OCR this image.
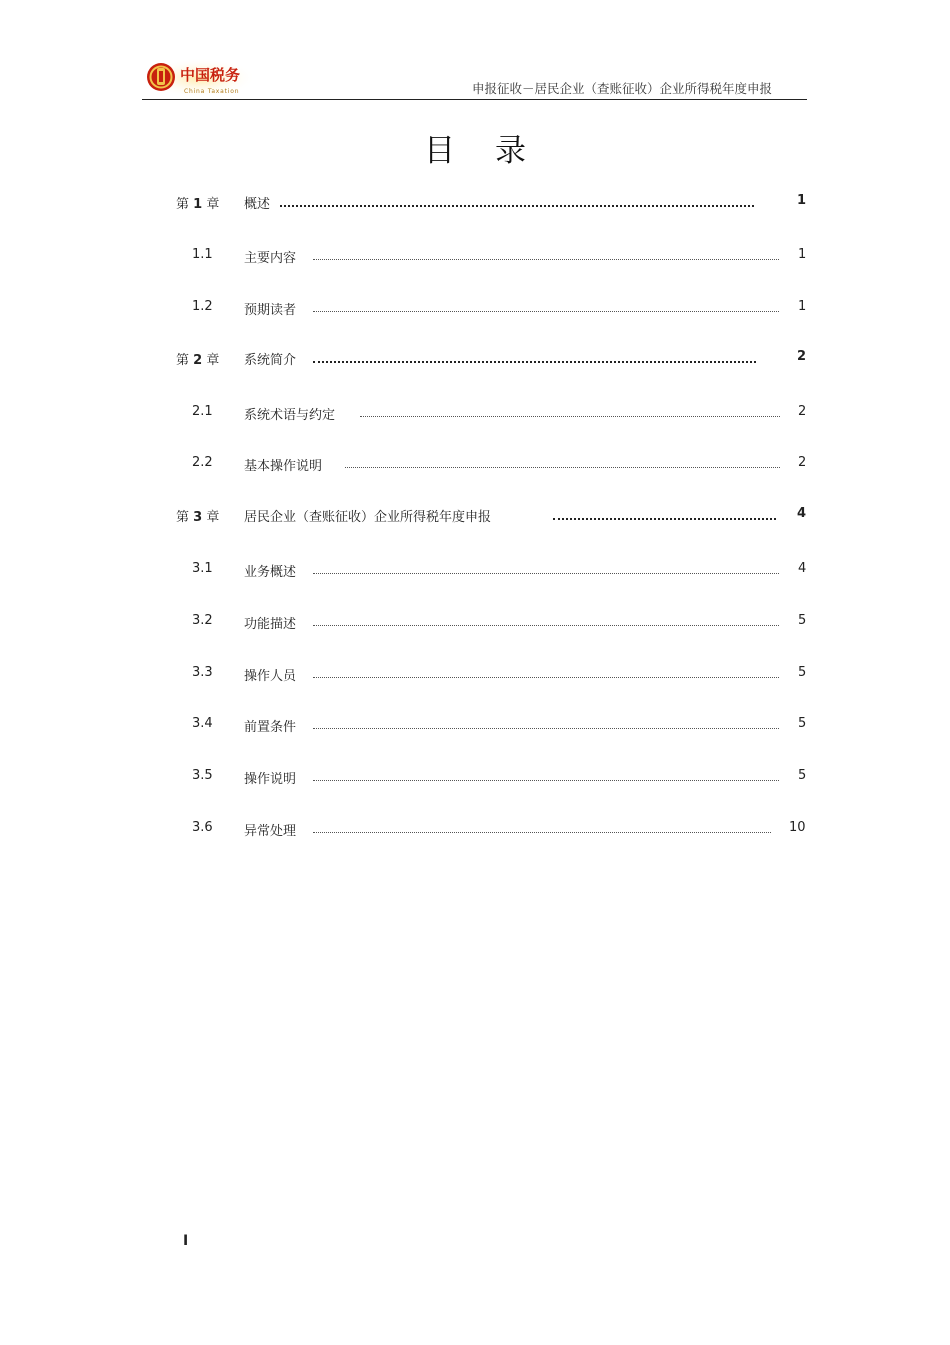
中国税务
China Taxation	申报征收－居民企业（查账征收）企业所得税年度申报
目录
第 1 章 概述	1
1.1 主要内容	1
1.2 预期读者	1
第 2 章 系统简介	2
2.1 系统术语与约定	2
2.2 基本操作说明	2
第 3 章 居民企业（查账征收）企业所得税年度申报	4
3.1 业务概述	4
3.2 功能描述	5
3.3 操作人员	5
3.4 前置条件	5
3.5 操作说明	5
3.6 异常处理	10
I
